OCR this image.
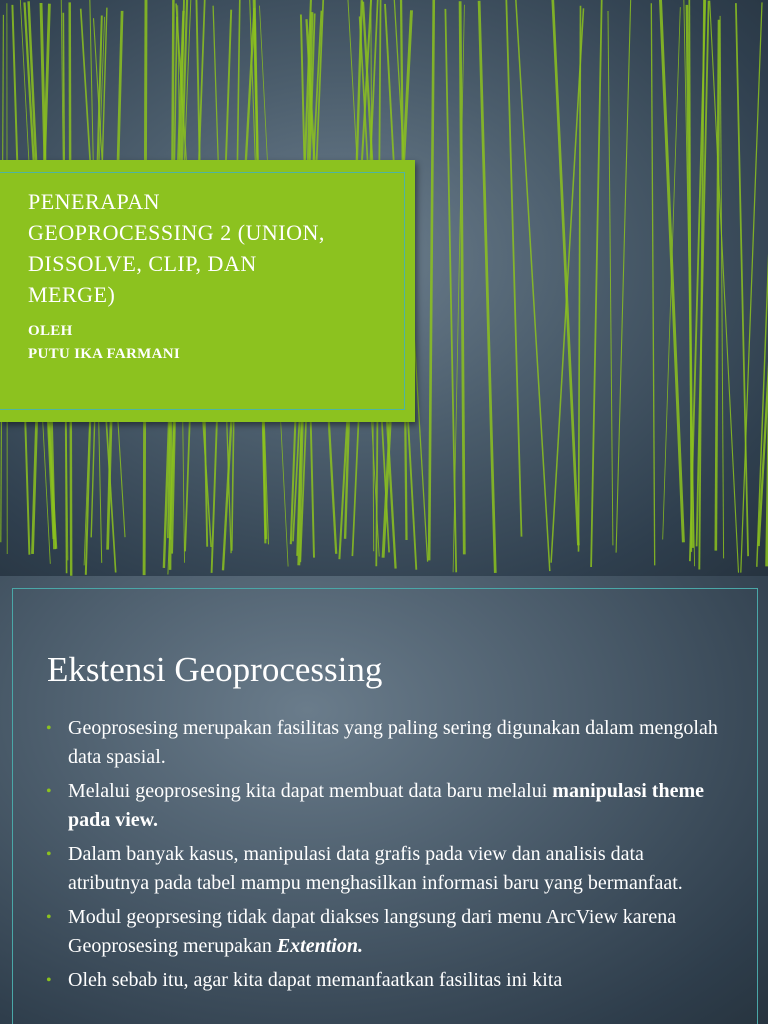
PENERAPAN
GEOPROCESSING 2 (UNION,
DISSOLVE, CLIP, DAN
MERGE)
OLEH
PUTU IKA FARMANI
Ekstensi Geoprocessing
• Geoprosesing merupakan fasilitas yang paling sering digunakan dalam mengolah data spasial.
• Melalui geoprosesing kita dapat membuat data baru melalui manipulasi theme pada view.
• Dalam banyak kasus, manipulasi data grafis pada view dan analisis data atributnya pada tabel mampu menghasilkan informasi baru yang bermanfaat.
• Modul geoprsesing tidak dapat diakses langsung dari menu ArcView karena Geoprosesing merupakan Extention.
• Oleh sebab itu, agar kita dapat memanfaatkan fasilitas ini kita
